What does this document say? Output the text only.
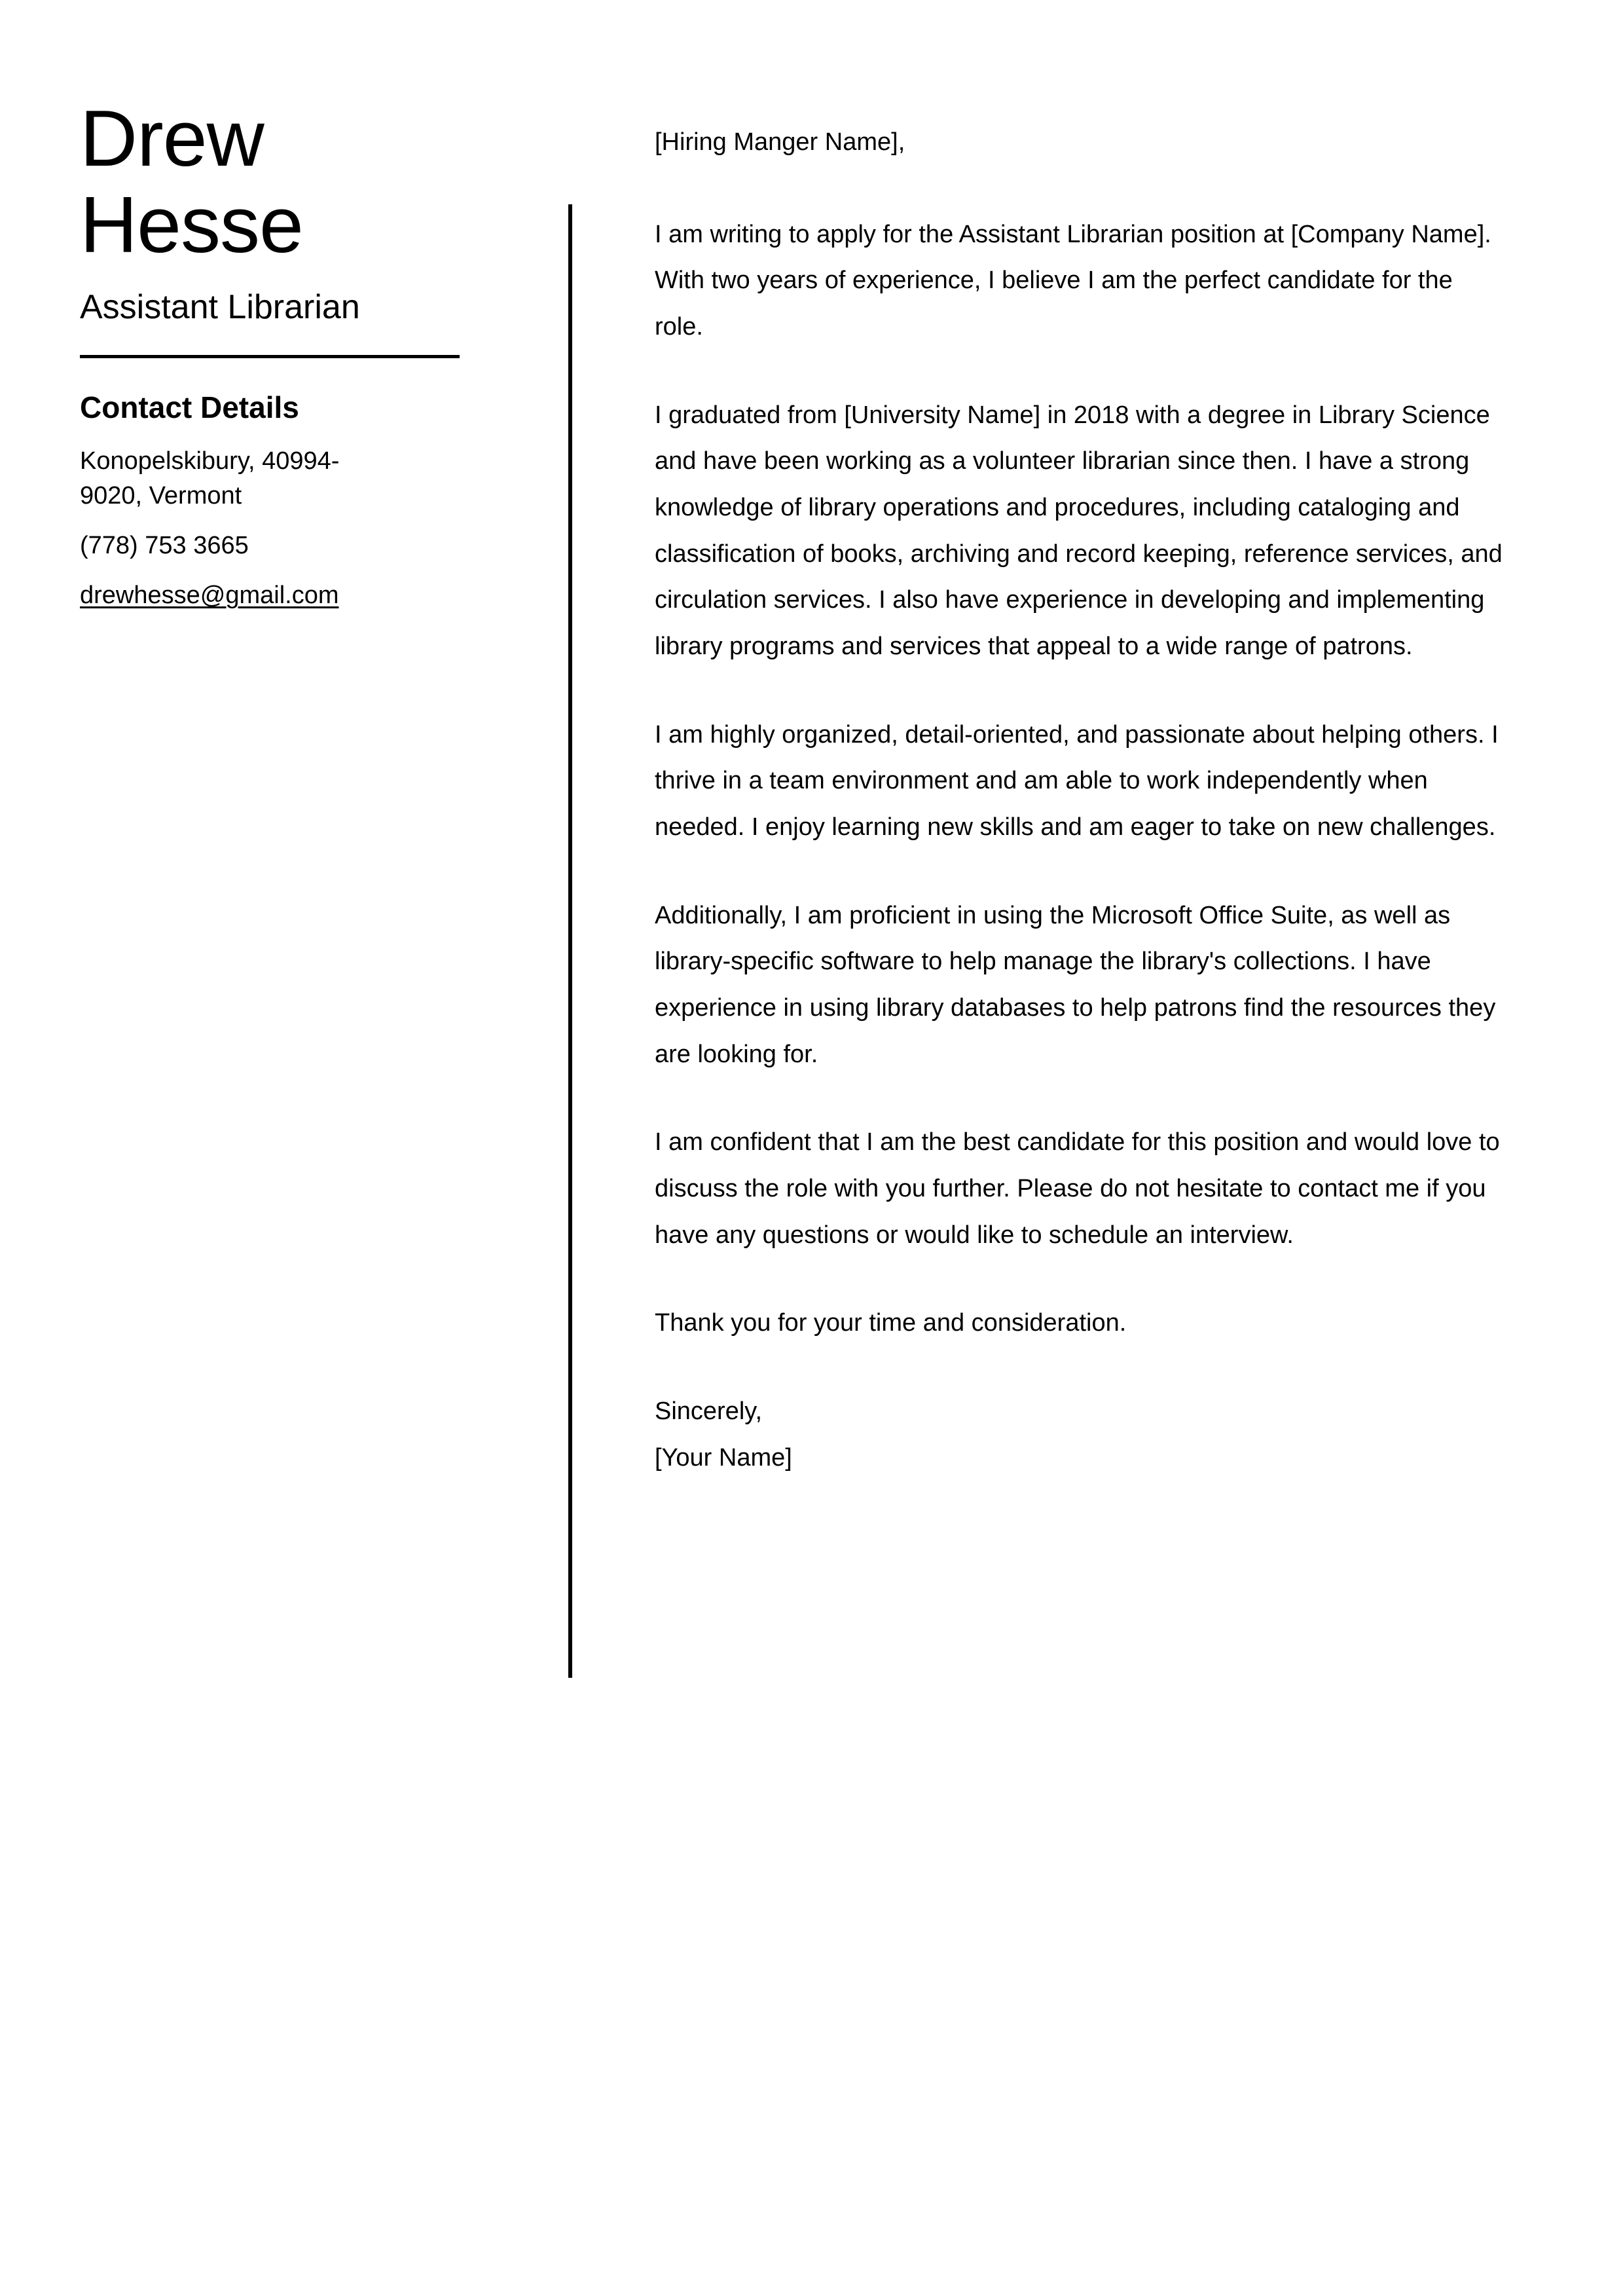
Drew
Hesse
Assistant Librarian
Contact Details
Konopelskibury, 40994-9020, Vermont
(778) 753 3665
drewhesse@gmail.com

[Hiring Manger Name],

I am writing to apply for the Assistant Librarian position at [Company Name]. With two years of experience, I believe I am the perfect candidate for the role.

I graduated from [University Name] in 2018 with a degree in Library Science and have been working as a volunteer librarian since then. I have a strong knowledge of library operations and procedures, including cataloging and classification of books, archiving and record keeping, reference services, and circulation services. I also have experience in developing and implementing library programs and services that appeal to a wide range of patrons.

I am highly organized, detail-oriented, and passionate about helping others. I thrive in a team environment and am able to work independently when needed. I enjoy learning new skills and am eager to take on new challenges.

Additionally, I am proficient in using the Microsoft Office Suite, as well as library-specific software to help manage the library's collections. I have experience in using library databases to help patrons find the resources they are looking for.

I am confident that I am the best candidate for this position and would love to discuss the role with you further. Please do not hesitate to contact me if you have any questions or would like to schedule an interview.

Thank you for your time and consideration.

Sincerely,
[Your Name]
